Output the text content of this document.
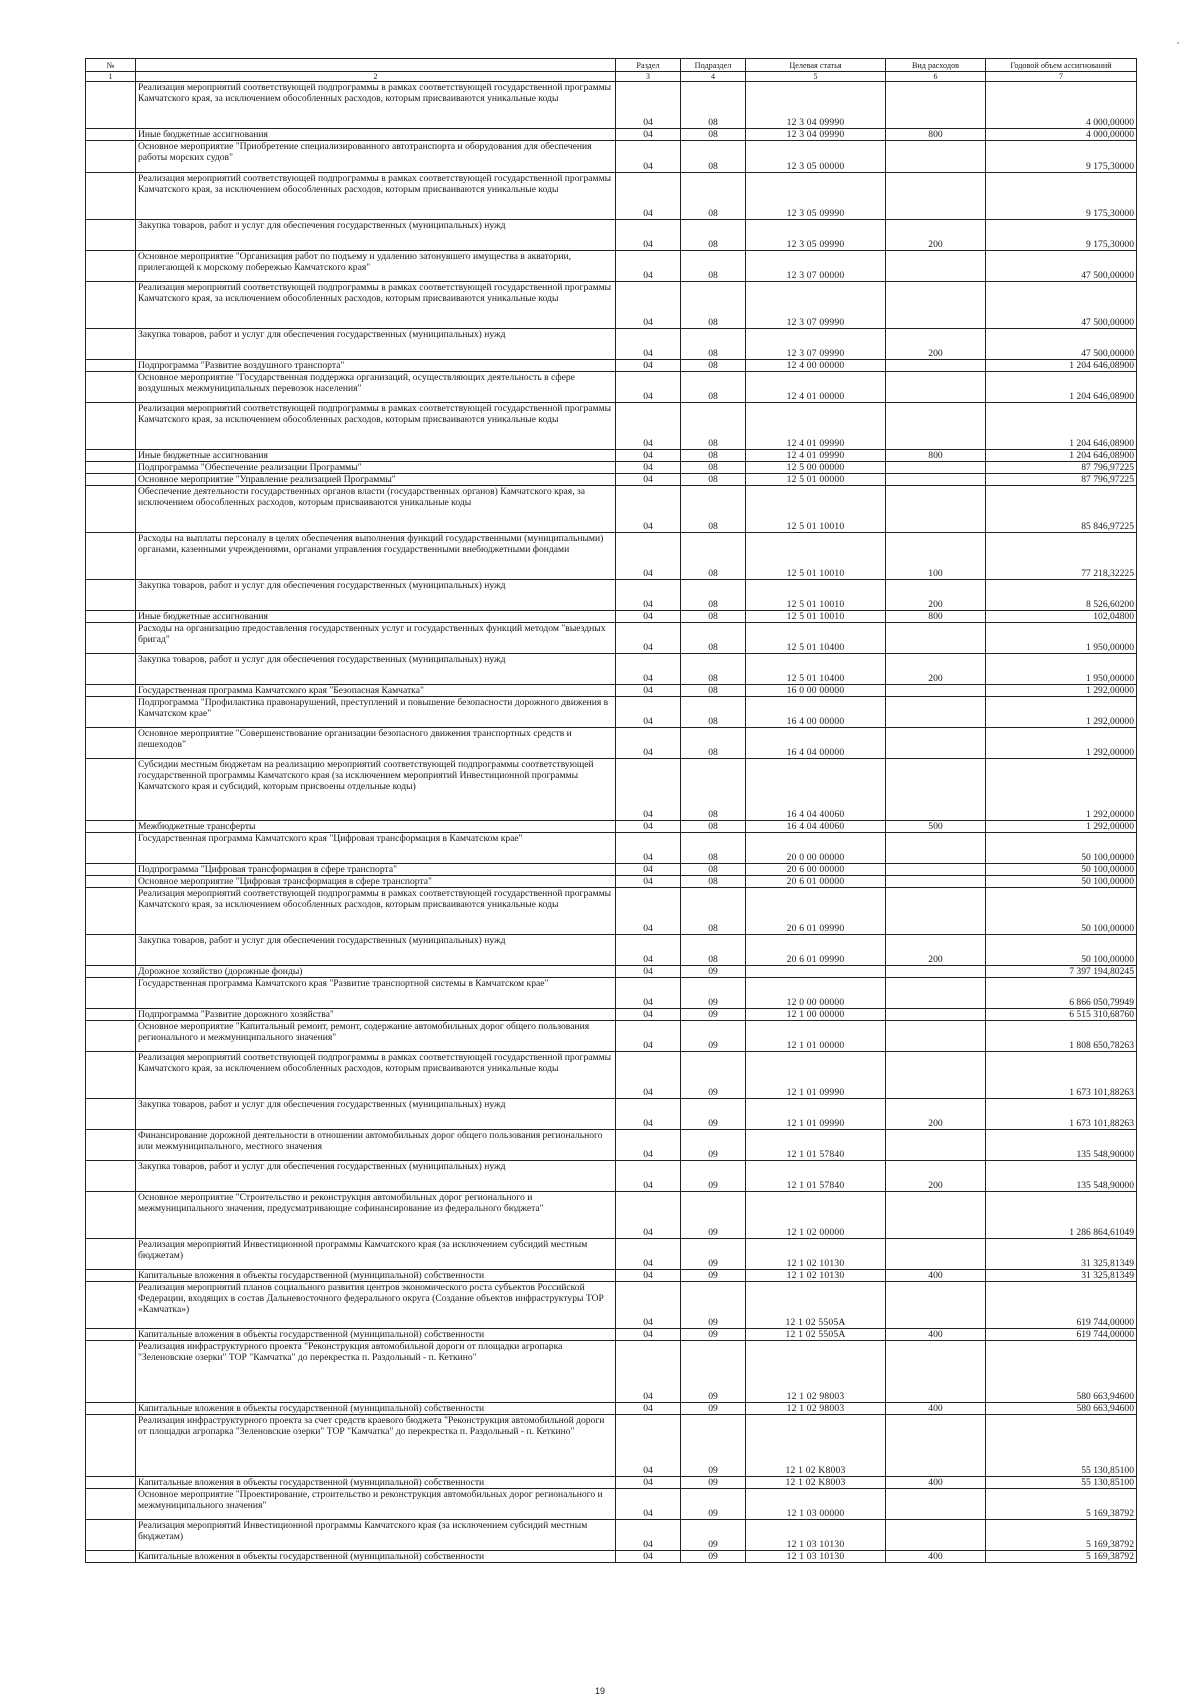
№		Раздел	Подраздел	Целевая статья	Вид расходов	Годовой объем ассигнований
1	2	3	4	5	6	7
	Реализация мероприятий соответствующей подпрограммы в рамках соответствующей государственной программы Камчатского края, за исключением обособленных расходов, которым присваиваются уникальные коды	04	08	12 3 04 09990		4 000,00000
	Иные бюджетные ассигнования	04	08	12 3 04 09990	800	4 000,00000
	Основное мероприятие "Приобретение специализированного автотранспорта и оборудования для обеспечения работы морских судов"	04	08	12 3 05 00000		9 175,30000
	Реализация мероприятий соответствующей подпрограммы в рамках соответствующей государственной программы Камчатского края, за исключением обособленных расходов, которым присваиваются уникальные коды	04	08	12 3 05 09990		9 175,30000
	Закупка товаров, работ и услуг для обеспечения государственных (муниципальных) нужд	04	08	12 3 05 09990	200	9 175,30000
	Основное мероприятие "Организация работ по подъему и удалению затонувшего имущества в акватории, прилегающей к морскому побережью Камчатского края"	04	08	12 3 07 00000		47 500,00000
	Реализация мероприятий соответствующей подпрограммы в рамках соответствующей государственной программы Камчатского края, за исключением обособленных расходов, которым присваиваются уникальные коды	04	08	12 3 07 09990		47 500,00000
	Закупка товаров, работ и услуг для обеспечения государственных (муниципальных) нужд	04	08	12 3 07 09990	200	47 500,00000
	Подпрограмма "Развитие воздушного транспорта"	04	08	12 4 00 00000		1 204 646,08900
	Основное мероприятие "Государственная поддержка организаций, осуществляющих деятельность в сфере воздушных межмуниципальных перевозок населения"	04	08	12 4 01 00000		1 204 646,08900
	Реализация мероприятий соответствующей подпрограммы в рамках соответствующей государственной программы Камчатского края, за исключением обособленных расходов, которым присваиваются уникальные коды	04	08	12 4 01 09990		1 204 646,08900
	Иные бюджетные ассигнования	04	08	12 4 01 09990	800	1 204 646,08900
	Подпрограмма "Обеспечение реализации Программы"	04	08	12 5 00 00000		87 796,97225
	Основное мероприятие "Управление реализацией Программы"	04	08	12 5 01 00000		87 796,97225
	Обеспечение деятельности государственных органов власти (государственных органов) Камчатского края, за исключением обособленных расходов, которым присваиваются уникальные коды	04	08	12 5 01 10010		85 846,97225
	Расходы на выплаты персоналу в целях обеспечения выполнения функций государственными (муниципальными) органами, казенными учреждениями, органами управления государственными внебюджетными фондами	04	08	12 5 01 10010	100	77 218,32225
	Закупка товаров, работ и услуг для обеспечения государственных (муниципальных) нужд	04	08	12 5 01 10010	200	8 526,60200
	Иные бюджетные ассигнования	04	08	12 5 01 10010	800	102,04800
	Расходы на организацию предоставления государственных услуг и государственных функций методом "выездных бригад"	04	08	12 5 01 10400		1 950,00000
	Закупка товаров, работ и услуг для обеспечения государственных (муниципальных) нужд	04	08	12 5 01 10400	200	1 950,00000
	Государственная программа Камчатского края "Безопасная Камчатка"	04	08	16 0 00 00000		1 292,00000
	Подпрограмма "Профилактика правонарушений, преступлений и повышение безопасности дорожного движения в Камчатском крае"	04	08	16 4 00 00000		1 292,00000
	Основное мероприятие "Совершенствование организации безопасного движения транспортных средств и пешеходов"	04	08	16 4 04 00000		1 292,00000
	Субсидии местным бюджетам на реализацию мероприятий соответствующей подпрограммы соответствующей государственной программы Камчатского края (за исключением мероприятий Инвестиционной программы Камчатского края и субсидий, которым присвоены отдельные коды)	04	08	16 4 04 40060		1 292,00000
	Межбюджетные трансферты	04	08	16 4 04 40060	500	1 292,00000
	Государственная программа Камчатского края "Цифровая трансформация в Камчатском крае"	04	08	20 0 00 00000		50 100,00000
	Подпрограмма "Цифровая трансформация в сфере транспорта"	04	08	20 6 00 00000		50 100,00000
	Основное мероприятие "Цифровая трансформация в сфере транспорта"	04	08	20 6 01 00000		50 100,00000
	Реализация мероприятий соответствующей подпрограммы в рамках соответствующей государственной программы Камчатского края, за исключением обособленных расходов, которым присваиваются уникальные коды	04	08	20 6 01 09990		50 100,00000
	Закупка товаров, работ и услуг для обеспечения государственных (муниципальных) нужд	04	08	20 6 01 09990	200	50 100,00000
	Дорожное хозяйство (дорожные фонды)	04	09			7 397 194,80245
	Государственная программа Камчатского края "Развитие транспортной системы в Камчатском крае"	04	09	12 0 00 00000		6 866 050,79949
	Подпрограмма "Развитие дорожного хозяйства"	04	09	12 1 00 00000		6 515 310,68760
	Основное мероприятие "Капитальный ремонт, ремонт, содержание автомобильных дорог общего пользования регионального и межмуниципального значения"	04	09	12 1 01 00000		1 808 650,78263
	Реализация мероприятий соответствующей подпрограммы в рамках соответствующей государственной программы Камчатского края, за исключением обособленных расходов, которым присваиваются уникальные коды	04	09	12 1 01 09990		1 673 101,88263
	Закупка товаров, работ и услуг для обеспечения государственных (муниципальных) нужд	04	09	12 1 01 09990	200	1 673 101,88263
	Финансирование дорожной деятельности в отношении автомобильных дорог общего пользования регионального или межмуниципального, местного значения	04	09	12 1 01 57840		135 548,90000
	Закупка товаров, работ и услуг для обеспечения государственных (муниципальных) нужд	04	09	12 1 01 57840	200	135 548,90000
	Основное мероприятие "Строительство и реконструкция автомобильных дорог регионального и межмуниципального значения, предусматривающие софинансирование из федерального бюджета"	04	09	12 1 02 00000		1 286 864,61049
	Реализация мероприятий Инвестиционной программы Камчатского края (за исключением субсидий местным бюджетам)	04	09	12 1 02 10130		31 325,81349
	Капитальные вложения в объекты государственной (муниципальной) собственности	04	09	12 1 02 10130	400	31 325,81349
	Реализация мероприятий планов социального развития центров экономического роста субъектов Российской Федерации, входящих в состав Дальневосточного федерального округа (Создание объектов инфраструктуры ТОР «Камчатка»)	04	09	12 1 02 5505А		619 744,00000
	Капитальные вложения в объекты государственной (муниципальной) собственности	04	09	12 1 02 5505А	400	619 744,00000
	Реализация инфраструктурного проекта "Реконструкция автомобильной дороги от площадки агропарка "Зеленовские озерки" ТОР "Камчатка" до перекрестка п. Раздольный - п. Кеткино"	04	09	12 1 02 98003		580 663,94600
	Капитальные вложения в объекты государственной (муниципальной) собственности	04	09	12 1 02 98003	400	580 663,94600
	Реализация инфраструктурного проекта за счет средств краевого бюджета "Реконструкция автомобильной дороги от площадки агропарка "Зеленовские озерки" ТОР "Камчатка" до перекрестка п. Раздольный - п. Кеткино"	04	09	12 1 02 K8003		55 130,85100
	Капитальные вложения в объекты государственной (муниципальной) собственности	04	09	12 1 02 K8003	400	55 130,85100
	Основное мероприятие "Проектирование, строительство и реконструкция автомобильных дорог регионального и межмуниципального значения"	04	09	12 1 03 00000		5 169,38792
	Реализация мероприятий Инвестиционной программы Камчатского края (за исключением субсидий местным бюджетам)	04	09	12 1 03 10130		5 169,38792
	Капитальные вложения в объекты государственной (муниципальной) собственности	04	09	12 1 03 10130	400	5 169,38792
19
